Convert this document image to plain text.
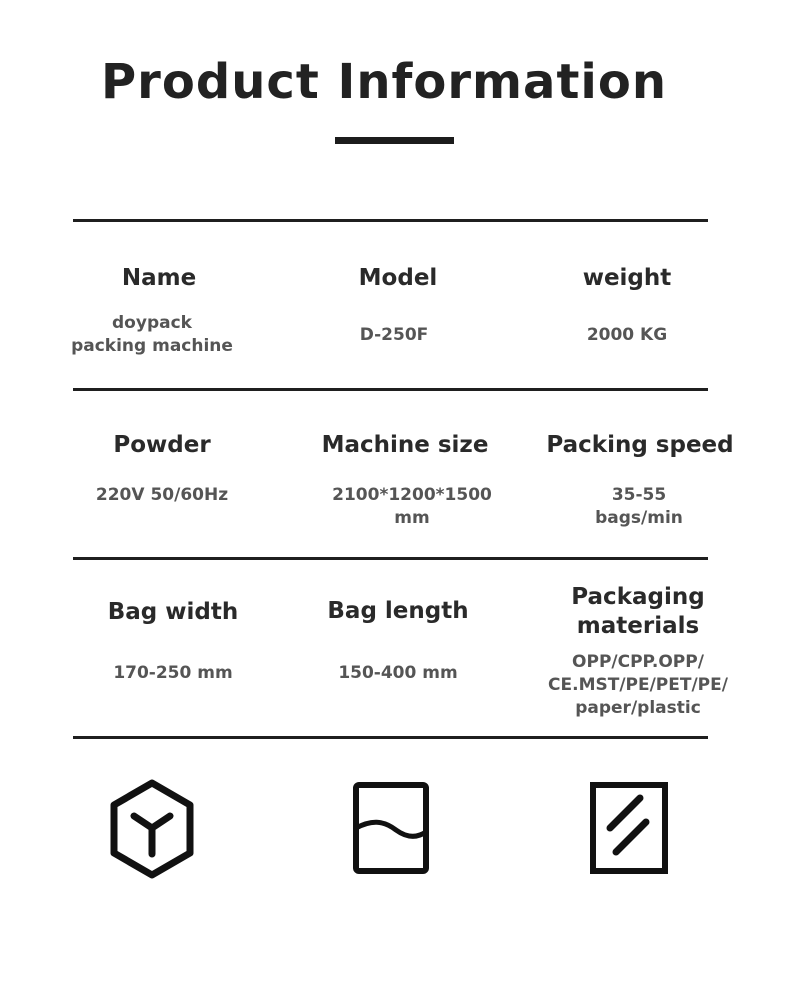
Product Information
Name
doypack
packing machine
Model
D-250F
weight
2000 KG
Powder
220V 50/60Hz
Machine size
2100*1200*1500
mm
Packing speed
35-55
bags/min
Bag width
170-250 mm
Bag length
150-400 mm
Packaging
materials
OPP/CPP.OPP/
CE.MST/PE/PET/PE/
paper/plastic
